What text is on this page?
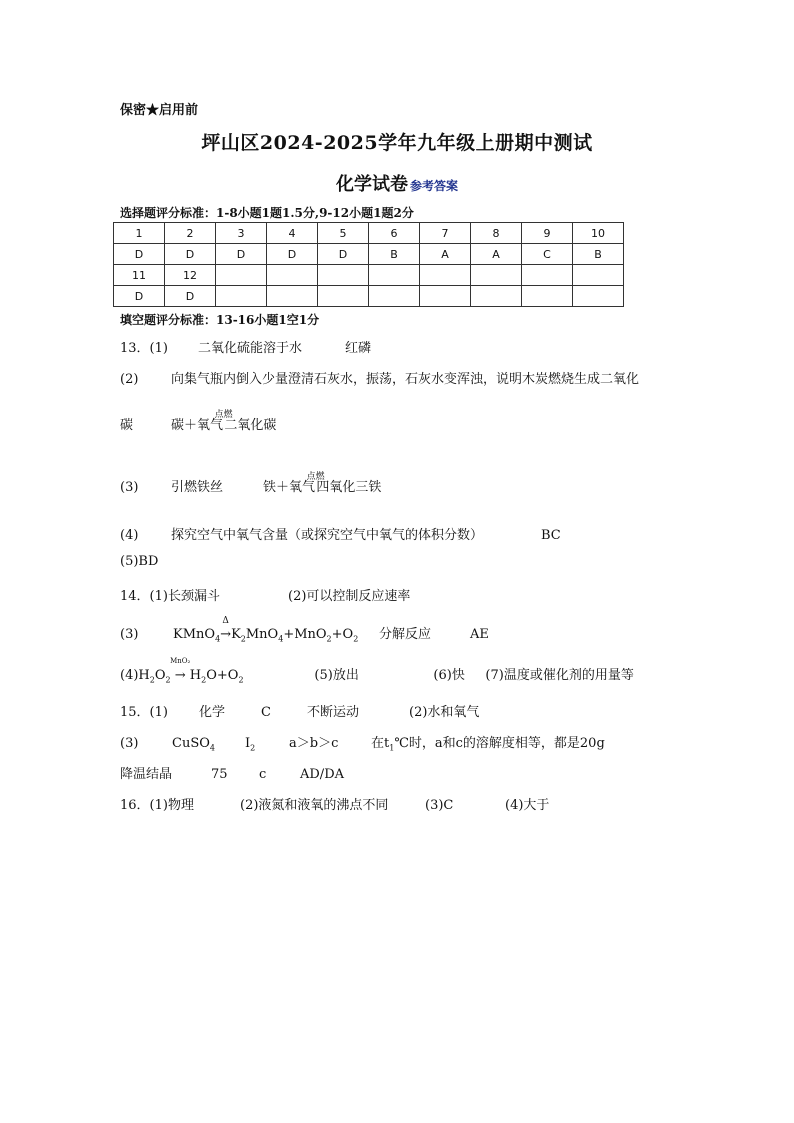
保密★启用前
坪山区2024-2025学年九年级上册期中测试
化学试卷 参考答案
选择题评分标准：1-8小题1题1.5分,9-12小题1题2分
1	2	3	4	5	6	7	8	9	10
D	D	D	D	D	B	A	A	C	B
11	12								
D	D								
填空题评分标准：13-16小题1空1分
13．(1) 二氧化硫能溶于水	红磷
(2)	向集气瓶内倒入少量澄清石灰水，振荡，石灰水变浑浊，说明木炭燃烧生成二氧化
碳	碳＋氧气
点燃
 二氧化碳
(3)	引燃铁丝	铁＋氧气
点燃
 四氧化三铁
(4)	探究空气中氧气含量（或探究空气中氧气的体积分数）	BC
(5)BD
14．(1)长颈漏斗	(2)可以控制反应速率
(3)	KMnO$_4$
Δ
$\to K_2MnO_4+MnO_2+O_2$ 分解反应	AE
$(4)H_2O_2$
MnO₂
→ $H_2O+O_2$	(5)放出	(6)快 (7)温度或催化剂的用量等
15．(1) 化学	C	不断运动	(2)水和氧气
(3)	CuSO$_4$ $I_2$	a＞b＞c	在$t_1℃$时，a和c的溶解度相等，都是20g
降温结晶	75 c	AD/DA
16．(1)物理	(2)液氮和液氧的沸点不同	(3)C	(4)大于
